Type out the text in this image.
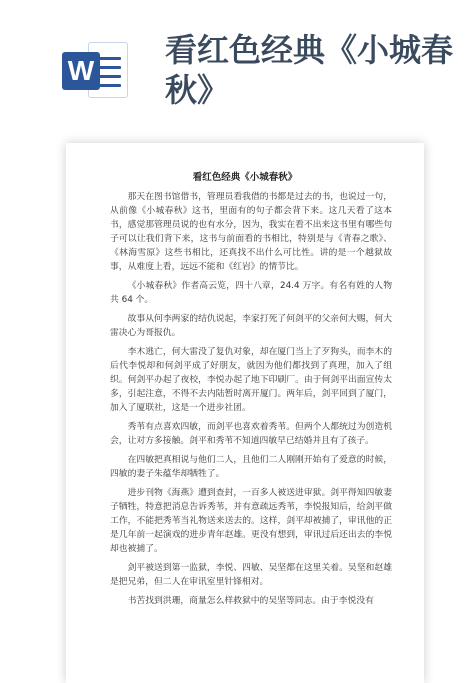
W
看红色经典《小城春秋》
看红色经典《小城春秋》

那天在图书馆借书，管理员看我借的书都是过去的书，也说过一句，从前像《小城春秋》这书，里面有的句子都会背下来。这几天看了这本书，感觉那管理员说的也有水分，因为，我实在看不出来这书里有哪些句子可以让我们背下来，这书与前面看的书相比，特别是与《青春之歌》、《林海雪原》这些书相比，还真找不出什么可比性。讲的是一个越狱故事，从难度上看，远远不能和《红岩》的情节比。

《小城春秋》作者高云览，四十八章，24.4 万字。有名有姓的人物共 64 个。

故事从何李两家的结仇说起，李家打死了何剑平的父亲何大赐，何大雷决心为哥报仇。

李木逃亡，何大雷没了复仇对象，却在厦门当上了歹狗头，而李木的后代李悦却和何剑平成了好朋友，就因为他们都找到了真理，加入了组织。何剑平办起了夜校，李悦办起了地下印刷厂。由于何剑平出面宣传太多，引起注意，不得不去内陆暂时离开厦门。两年后，剑平回到了厦门，加入了厦联社，这是一个进步社团。

秀苇有点喜欢四敏，而剑平也喜欢着秀苇。但两个人都统过为创造机会，让对方多接触。剑平和秀苇不知道四敏早已结婚并且有了孩子。

在四敏把真相说与他们二人，且他们二人刚刚开始有了爱意的时候，四敏的妻子朱蕴华却牺牲了。

进步刊物《海燕》遭到查封，一百多人被送进审狱。剑平得知四敏妻子牺牲，特意把消息告诉秀苇，并有意疏远秀苇，李悦报知后，给剑平做工作，不能把秀苇当礼物送来送去的。这样，剑平却被捕了，审讯他的正是几年前一起演戏的进步青年赵雄。更没有想到，审讯过后还出去的李悦却也被捕了。

剑平被送到第一监狱，李悦、四敏、吴坚都在这里关着。吴坚和赵雄是把兄弟，但二人在审讯室里针锋相对。

书苦找到洪珊，商量怎么样救狱中的吴坚等同志。由于李悦没有
